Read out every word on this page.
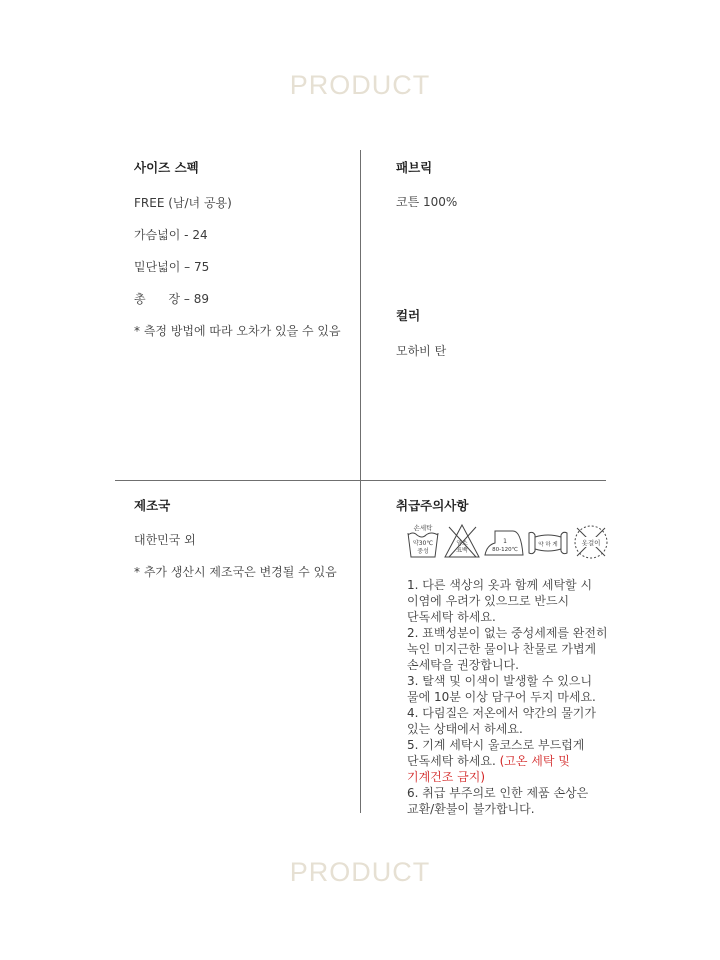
PRODUCT
사이즈 스펙
FREE (남/녀 공용)
가슴넓이 - 24
밑단넓이 – 75
총      장 – 89
* 측정 방법에 따라 오차가 있을 수 있음
패브릭
코튼 100%
컬러
모하비 탄
제조국
대한민국 외
* 추가 생산시 제조국은 변경될 수 있음
취급주의사항
손세탁
약30℃
중성
염소
표백
1
80-120℃
약 하 게	옷걸이

1. 다른 색상의 옷과 함께 세탁할 시

이염에 우려가 있으므로 반드시

단독세탁 하세요.

2. 표백성분이 없는 중성세제를 완전히

녹인 미지근한 물이나 찬물로 가볍게

손세탁을 권장합니다.

3. 탈색 및 이색이 발생할 수 있으니

물에 10분 이상 담구어 두지 마세요.

4. 다림질은 저온에서 약간의 물기가

있는 상태에서 하세요.

5. 기계 세탁시 울코스로 부드럽게

단독세탁 하세요. (고온 세탁 및

기계건조 금지)

6. 취급 부주의로 인한 제품 손상은

교환/환불이 불가합니다.

PRODUCT
